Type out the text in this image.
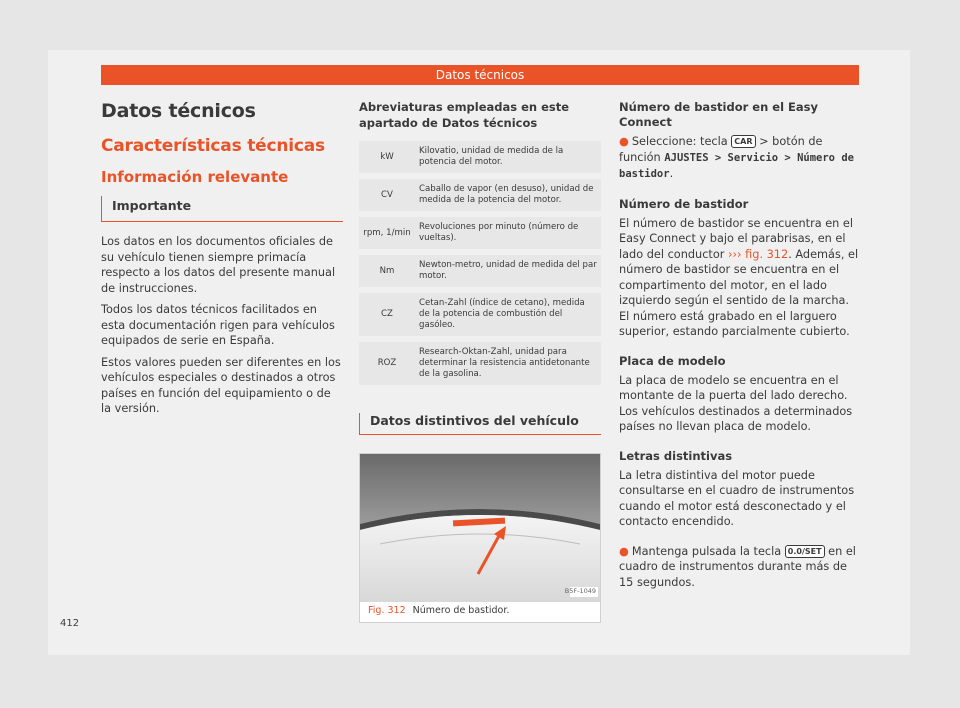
Datos técnicos
Datos técnicos
Características técnicas
Información relevante
Importante

Los datos en los documentos oficiales de su vehículo tienen siempre primacía respecto a los datos del presente manual de instrucciones.

Todos los datos técnicos facilitados en esta documentación rigen para vehículos equipados de serie en España.

Estos valores pueden ser diferentes en los vehículos especiales o destinados a otros países en función del equipamiento o de la versión.

Abreviaturas empleadas en este apartado de Datos técnicos
kW	Kilovatio, unidad de medida de la potencia del motor.
CV	Caballo de vapor (en desuso), unidad de medida de la potencia del motor.
rpm, 1/min	Revoluciones por minuto (número de vueltas).
Nm	Newton-metro, unidad de medida del par motor.
CZ	Cetan-Zahl (índice de cetano), medida de la potencia de combustión del gasóleo.
ROZ	Research-Oktan-Zahl, unidad para determinar la resistencia antidetonante de la gasolina.
Datos distintivos del vehículo
B5F-1049
Fig. 312 Número de bastidor.
Número de bastidor en el Easy Connect

● Seleccione: tecla CAR > botón de función AJUSTES > Servicio > Número de bastidor.

Número de bastidor

El número de bastidor se encuentra en el Easy Connect y bajo el parabrisas, en el lado del conductor ››› fig. 312. Además, el número de bastidor se encuentra en el compartimento del motor, en el lado izquierdo según el sentido de la marcha. El número está grabado en el larguero superior, estando parcialmente cubierto.

Placa de modelo

La placa de modelo se encuentra en el montante de la puerta del lado derecho. Los vehículos destinados a determinados países no llevan placa de modelo.

Letras distintivas

La letra distintiva del motor puede consultarse en el cuadro de instrumentos cuando el motor está desconectado y el contacto encendido.

● Mantenga pulsada la tecla 0.0/SET en el cuadro de instrumentos durante más de 15 segundos.

412
